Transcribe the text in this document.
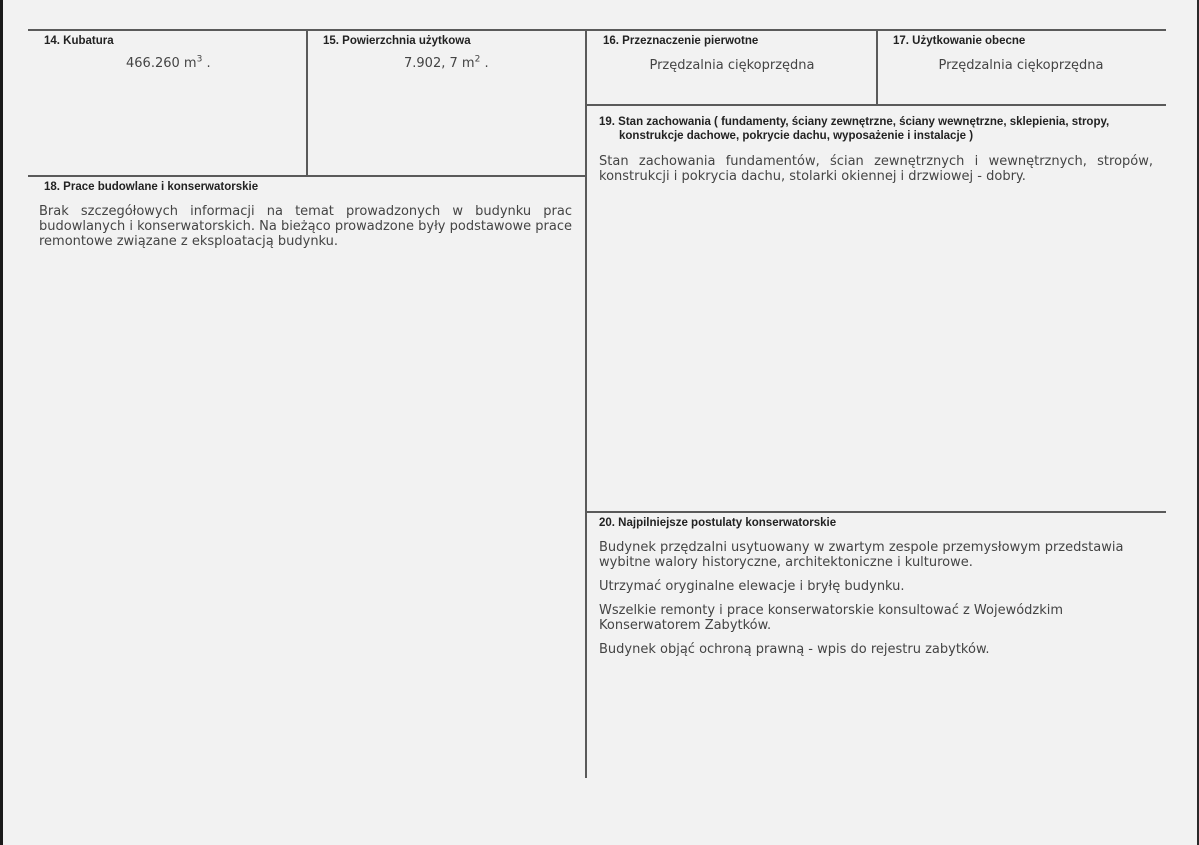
14. Kubatura
466.260 $m^3$ .
15. Powierzchnia użytkowa
7.902, 7 $m^2$ .
16. Przeznaczenie pierwotne
Przędzalnia ciękoprzędna
17. Użytkowanie obecne
Przędzalnia ciękoprzędna
19. Stan zachowania ( fundamenty, ściany zewnętrzne, ściany wewnętrzne, sklepienia, stropy,
konstrukcje dachowe, pokrycie dachu, wyposażenie i instalacje )
Stan zachowania fundamentów, ścian zewnętrznych i wewnętrznych, stropów, konstrukcji i pokrycia dachu, stolarki okiennej i drzwiowej - dobry.
18. Prace budowlane i konserwatorskie
Brak szczegółowych informacji na temat prowadzonych w budynku prac budowlanych i konserwatorskich. Na bieżąco prowadzone były podstawowe prace remontowe związane z eksploatacją budynku.
20. Najpilniejsze postulaty konserwatorskie

Budynek przędzalni usytuowany w zwartym zespole przemysłowym przedstawia wybitne walory historyczne, architektoniczne i kulturowe.

Utrzymać oryginalne elewacje i bryłę budynku.

Wszelkie remonty i prace konserwatorskie konsultować z Wojewódzkim Konserwatorem Zabytków.

Budynek objąć ochroną prawną - wpis do rejestru zabytków.
